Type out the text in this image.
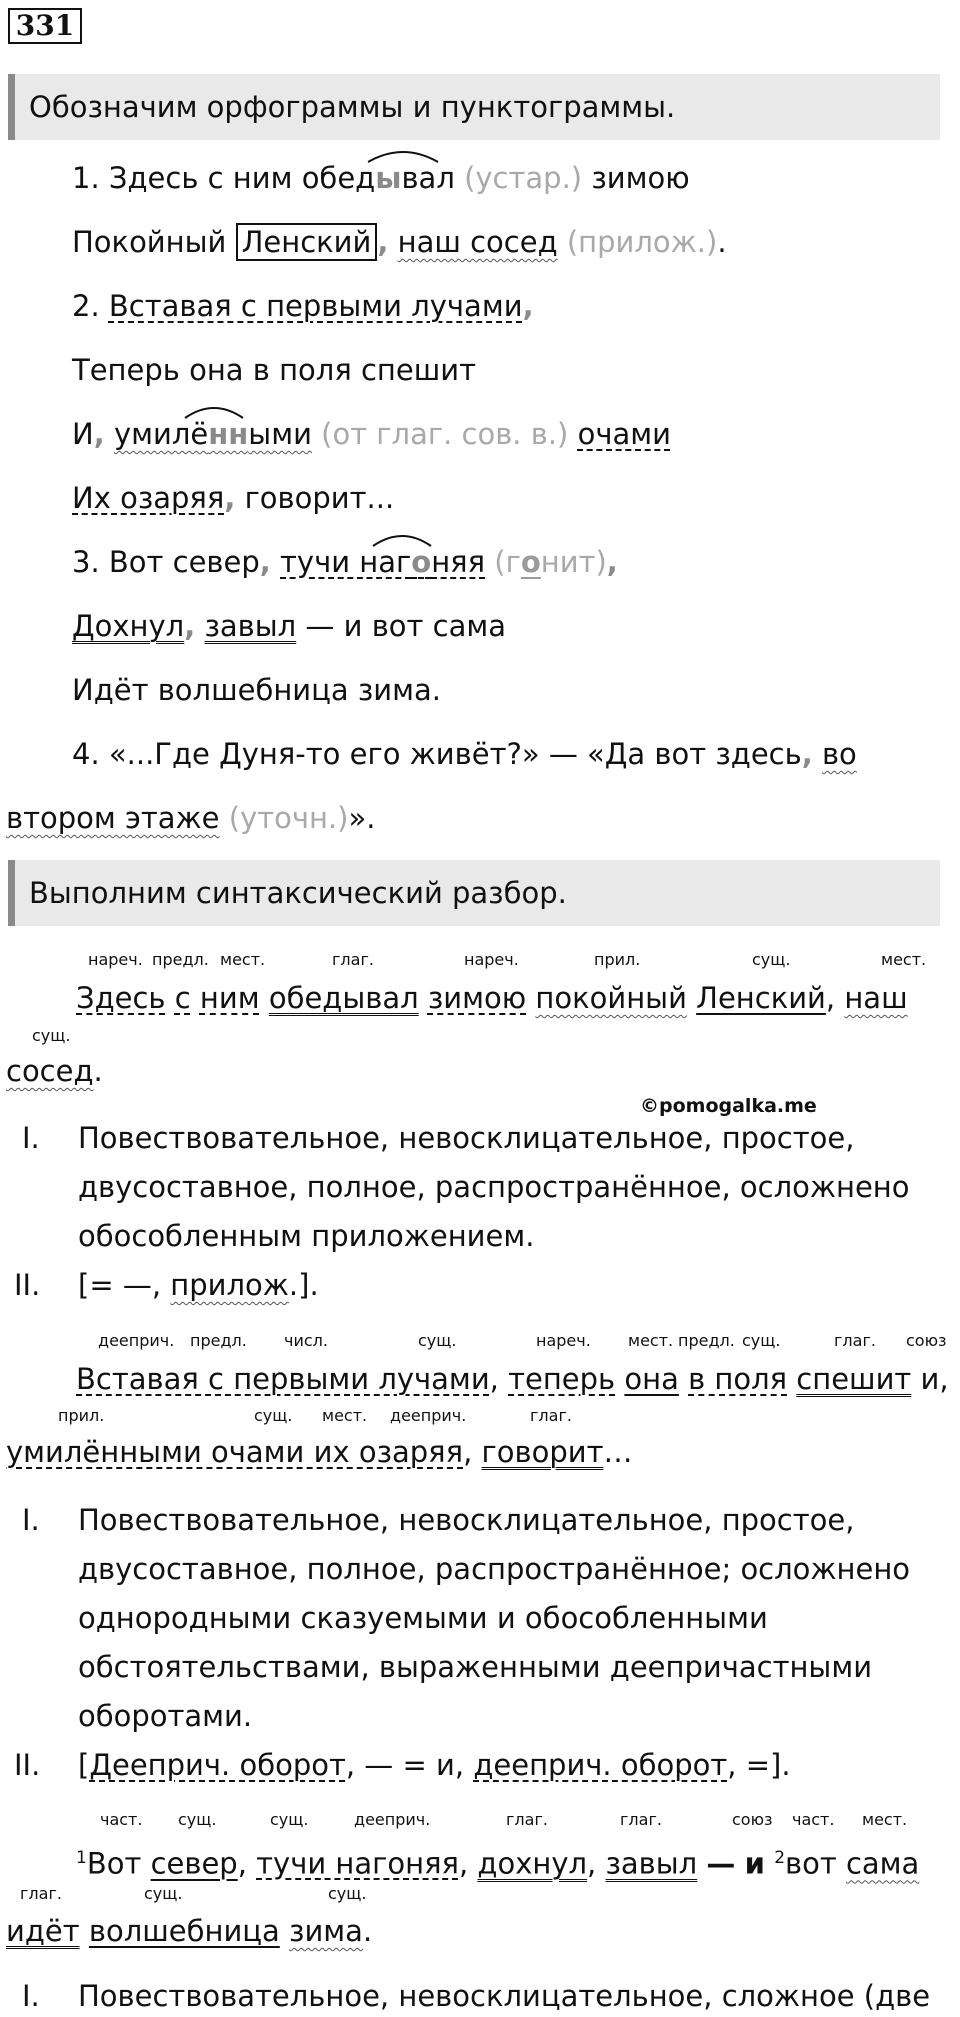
331
Обозначим орфограммы и пунктограммы.
1. Здесь с ним обедывал (устар.) зимою
Покойный Ленский , наш сосед (прилож.).
2. Вставая с первыми лучами,
Теперь она в поля спешит
И, умилёнными (от глаг. сов. в.) очами
Их озаряя, говорит...
3. Вот север, тучи нагоняя (гонит),
Дохнул, завыл — и вот сама
Идёт волшебница зима.
4. «...Где Дуня-то его живёт?» — «Да вот здесь, во
втором этаже (уточн.)».
Выполним синтаксический разбор.
нареч. предл. мест.	глаг.	нареч.	прил.	сущ.	мест.
Здесь с ним обедывал зимою покойный Ленский, наш
сущ.
сосед.
©pomogalka.me
I. Повествовательное, невосклицательное, простое,
двусоставное, полное, распространённое, осложнено
обособленным приложением.
II. [= —, прилож.].
дееприч. предл. числ.	сущ.	нареч. мест. предл. сущ.	глаг. союз
Вставая с первыми лучами, теперь она в поля спешит и,
прил.	сущ. мест. дееприч.	глаг.
умилёнными очами их озаряя, говорит…
I. Повествовательное, невосклицательное, простое,
двусоставное, полное, распространённое; осложнено
однородными сказуемыми и обособленными
обстоятельствами, выраженными деепричастными
оборотами.
II. [Дееприч. оборот, — = и, дееприч. оборот, =].
част. сущ.	сущ.	дееприч.	глаг.	глаг.	союз част. мест.
$^1$Вот север, тучи нагоняя, дохнул, завыл — и $^2$вот сама
глаг.	сущ.	сущ.
идёт волшебница зима.
I. Повествовательное, невосклицательное, сложное (две
